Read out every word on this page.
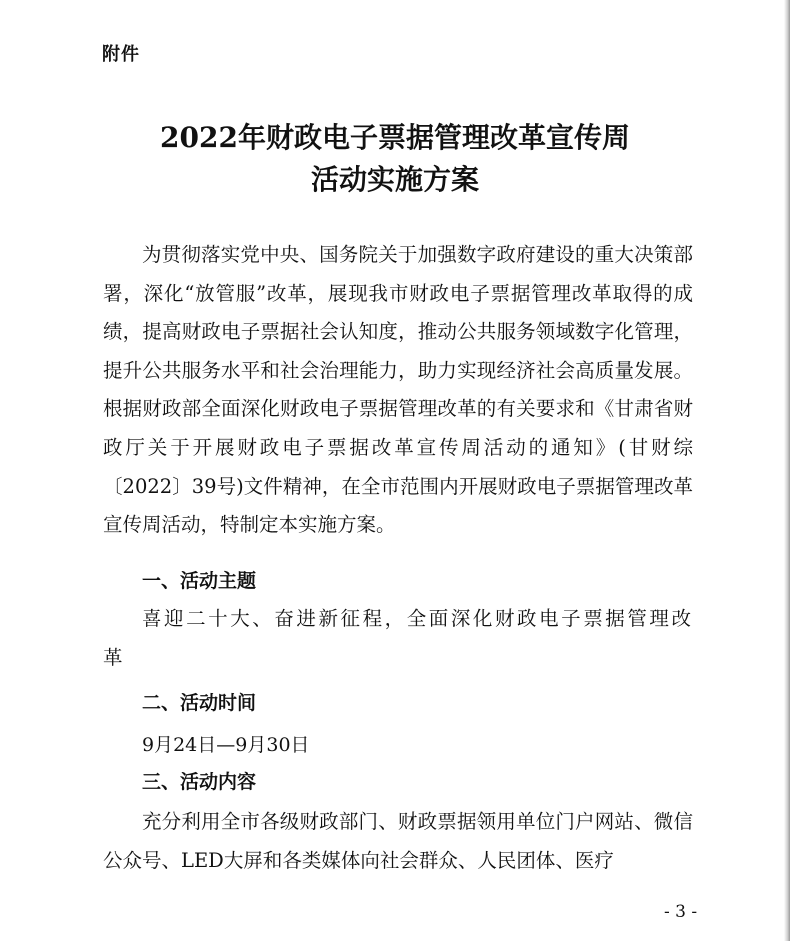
附件
2022年财政电子票据管理改革宣传周
活动实施方案

为贯彻落实党中央、国务院关于加强数字政府建设的重大决策部署，深化“放管服”改革，展现我市财政电子票据管理改革取得的成绩，提高财政电子票据社会认知度，推动公共服务领域数字化管理，提升公共服务水平和社会治理能力，助力实现经济社会高质量发展。根据财政部全面深化财政电子票据管理改革的有关要求和《甘肃省财政厅关于开展财政电子票据改革宣传周活动的通知》(甘财综〔2022〕39号)文件精神，在全市范围内开展财政电子票据管理改革宣传周活动，特制定本实施方案。

一、活动主题

喜迎二十大、奋进新征程，全面深化财政电子票据管理改革

二、活动时间
9月24日—9月30日
三、活动内容

充分利用全市各级财政部门、财政票据领用单位门户网站、微信公众号、LED大屏和各类媒体向社会群众、人民团体、医疗

- 3 -
